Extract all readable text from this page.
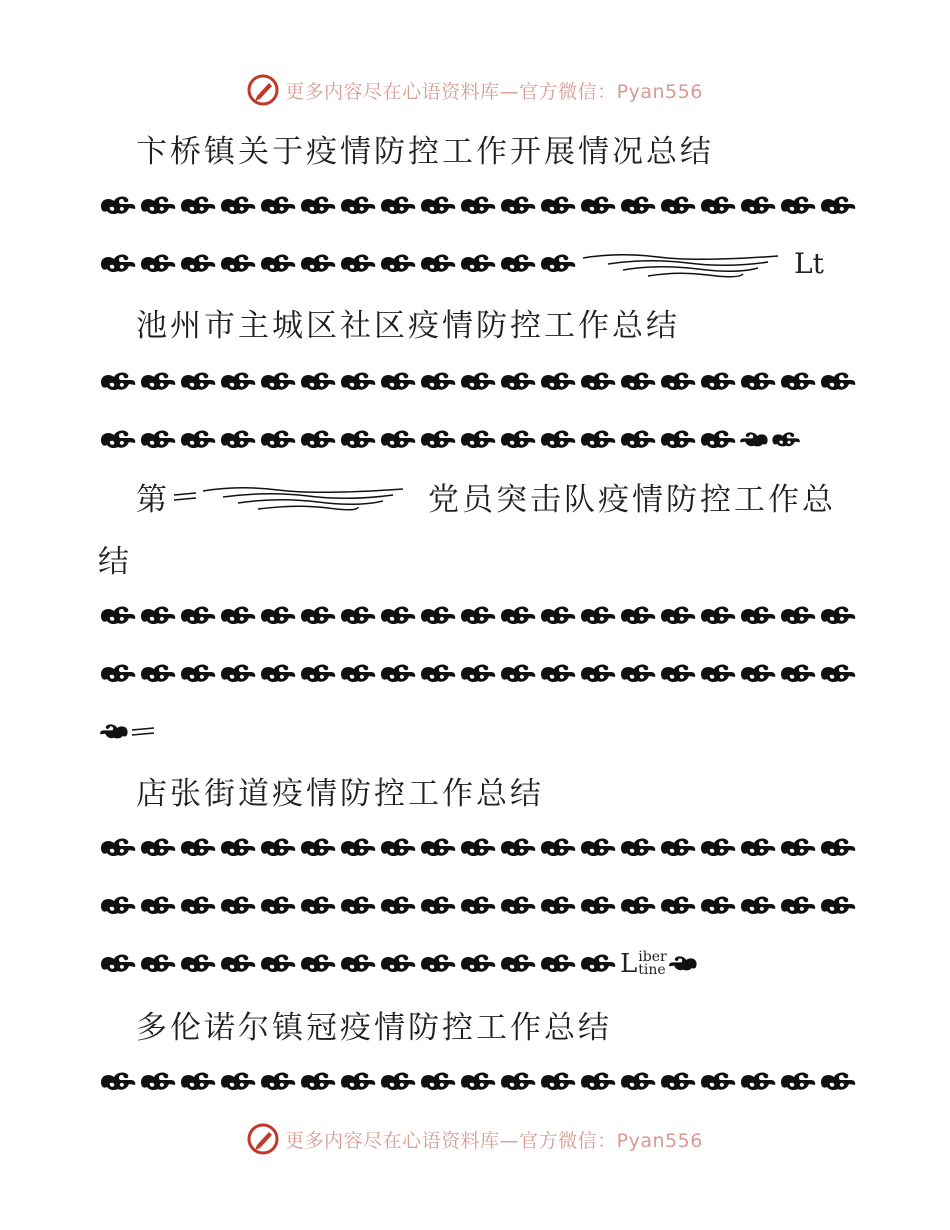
更多内容尽在心语资料库—官方微信：Pyan556
卞桥镇关于疫情防控工作开展情况总结
Lt
池州市主城区社区疫情防控工作总结
第	党员突击队疫情防控工作总
结
店张街道疫情防控工作总结
L iber
tine
多伦诺尔镇冠疫情防控工作总结
更多内容尽在心语资料库—官方微信：Pyan556
